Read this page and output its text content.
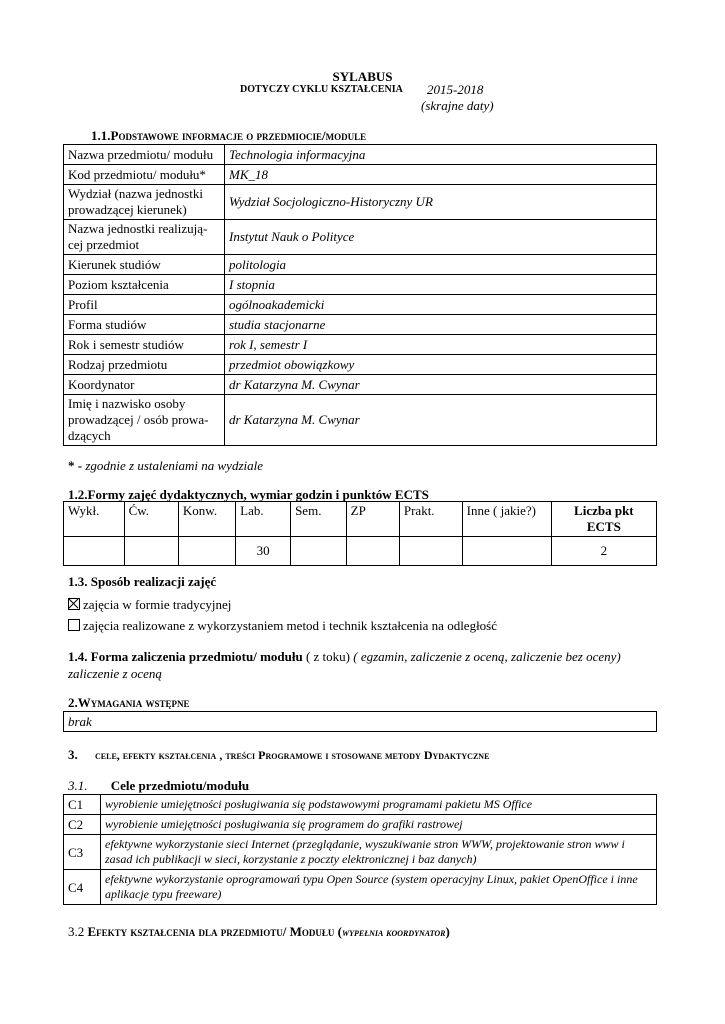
SYLABUS
DOTYCZY CYKLU KSZTAŁCENIA 2015-2018
(skrajne daty)
1.1.Podstawowe informacje o przedmiocie/module
Nazwa przedmiotu/ modułu	Technologia informacyjna
Kod przedmiotu/ modułu*	MK_18
Wydział (nazwa jednostki prowadzącej kierunek)	Wydział Socjologiczno-Historyczny UR
Nazwa jednostki realizują-cej przedmiot	Instytut Nauk o Polityce
Kierunek studiów	politologia
Poziom kształcenia	I stopnia
Profil	ogólnoakademicki
Forma studiów	studia stacjonarne
Rok i semestr studiów	rok I, semestr I
Rodzaj przedmiotu	przedmiot obowiązkowy
Koordynator	dr Katarzyna M. Cwynar
Imię i nazwisko osoby prowadzącej / osób prowa-dzących	dr Katarzyna M. Cwynar
* - zgodnie z ustaleniami na wydziale
1.2.Formy zajęć dydaktycznych, wymiar godzin i punktów ECTS
Wykł.	Ćw.	Konw.	Lab.	Sem.	ZP	Prakt.	Inne ( jakie?)	Liczba pkt ECTS
			30					2
1.3. Sposób realizacji zajęć
zajęcia w formie tradycyjnej
zajęcia realizowane z wykorzystaniem metod i technik kształcenia na odległość
1.4. Forma zaliczenia przedmiotu/ modułu ( z toku) ( egzamin, zaliczenie z oceną, zaliczenie bez oceny)
zaliczenie z oceną
2.Wymagania wstępne
brak
3. cele, efekty kształcenia , treści Programowe i stosowane metody Dydaktyczne
3.1. Cele przedmiotu/modułu
C1	wyrobienie umiejętności posługiwania się podstawowymi programami pakietu MS Office
C2	wyrobienie umiejętności posługiwania się programem do grafiki rastrowej
C3	efektywne wykorzystanie sieci Internet (przeglądanie, wyszukiwanie stron WWW, projektowanie stron www i zasad ich publikacji w sieci, korzystanie z poczty elektronicznej i baz danych)
C4	efektywne wykorzystanie oprogramowań typu Open Source (system operacyjny Linux, pakiet OpenOffice i inne aplikacje typu freeware)
3.2 Efekty kształcenia dla przedmiotu/ Modułu (wypełnia koordynator)
